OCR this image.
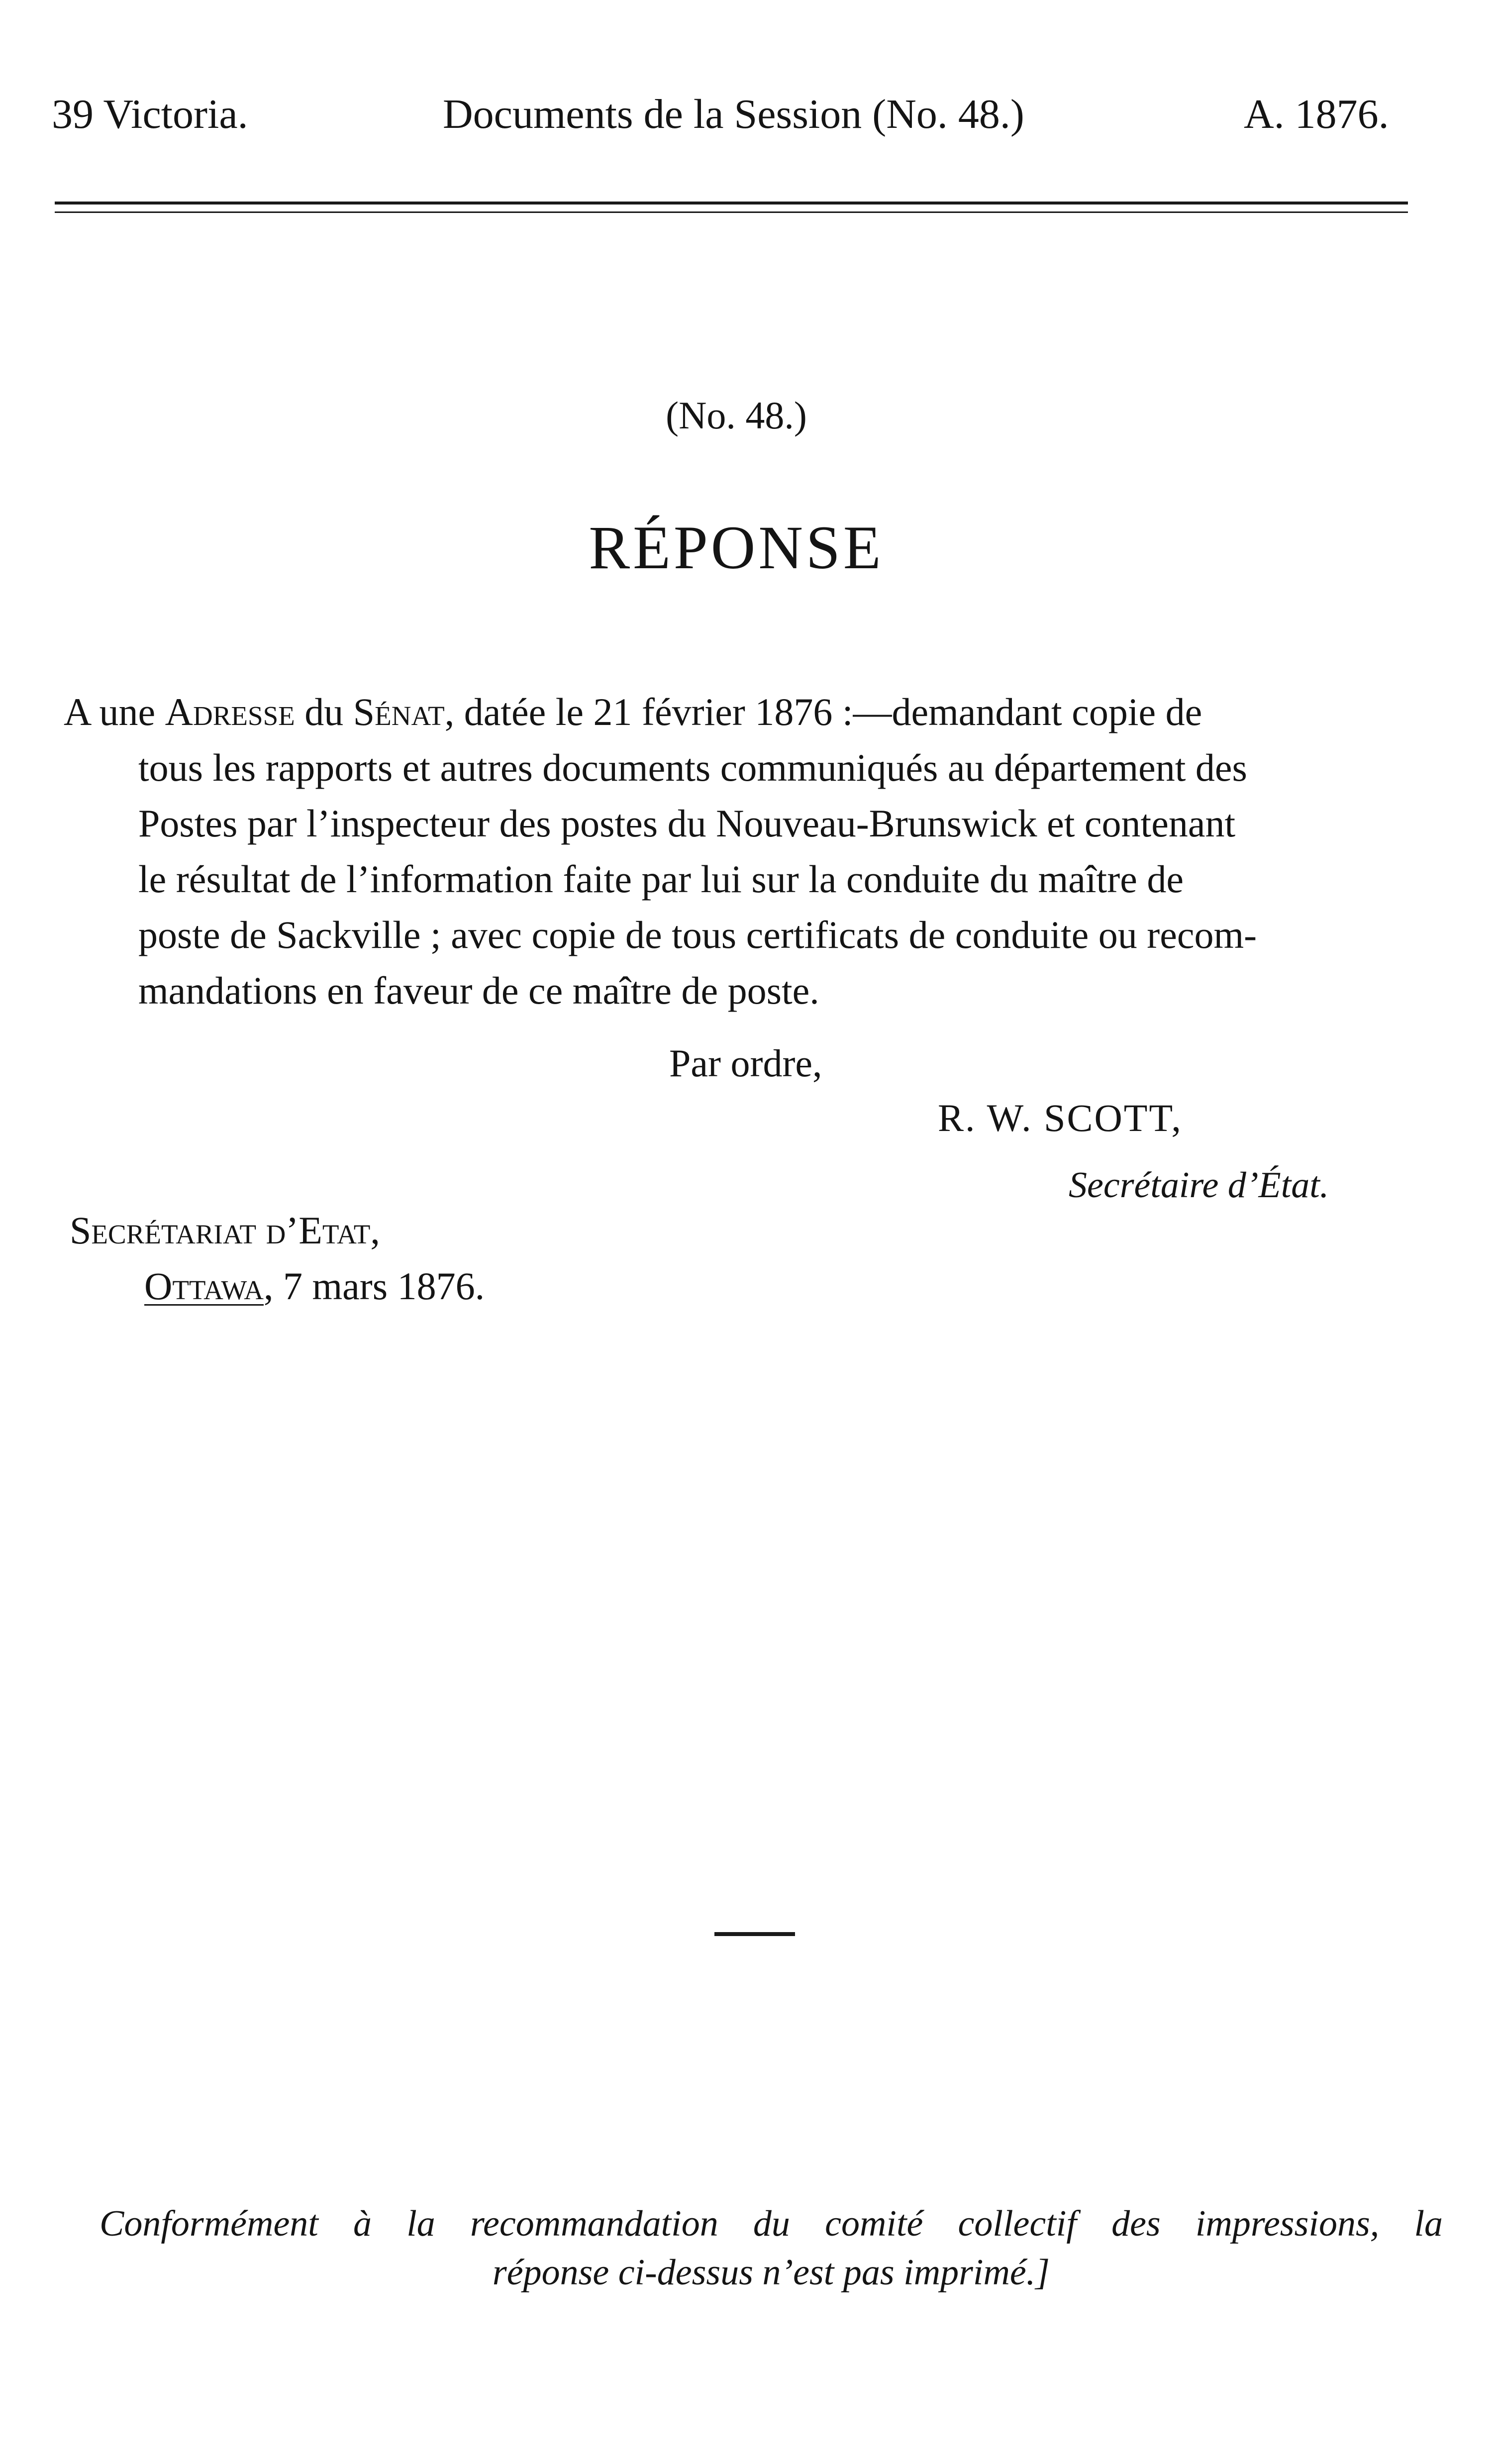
39 Victoria.	Documents de la Session (No. 48.)	A. 1876.
(No. 48.)
RÉPONSE
A une Adresse du Sénat, datée le 21 février 1876 :—demandant copie de
tous les rapports et autres documents communiqués au département des
Postes par l’inspecteur des postes du Nouveau-Brunswick et contenant
le résultat de l’information faite par lui sur la conduite du maître de
poste de Sackville ; avec copie de tous certificats de conduite ou recom-
mandations en faveur de ce maître de poste.
Par ordre,
R. W. SCOTT,
Secrétaire d’État.
Secrétariat d’Etat,
Ottawa, 7 mars 1876.
Conformément à la recommandation du comité collectif des impressions, la
réponse ci-dessus n’est pas imprimé.]
